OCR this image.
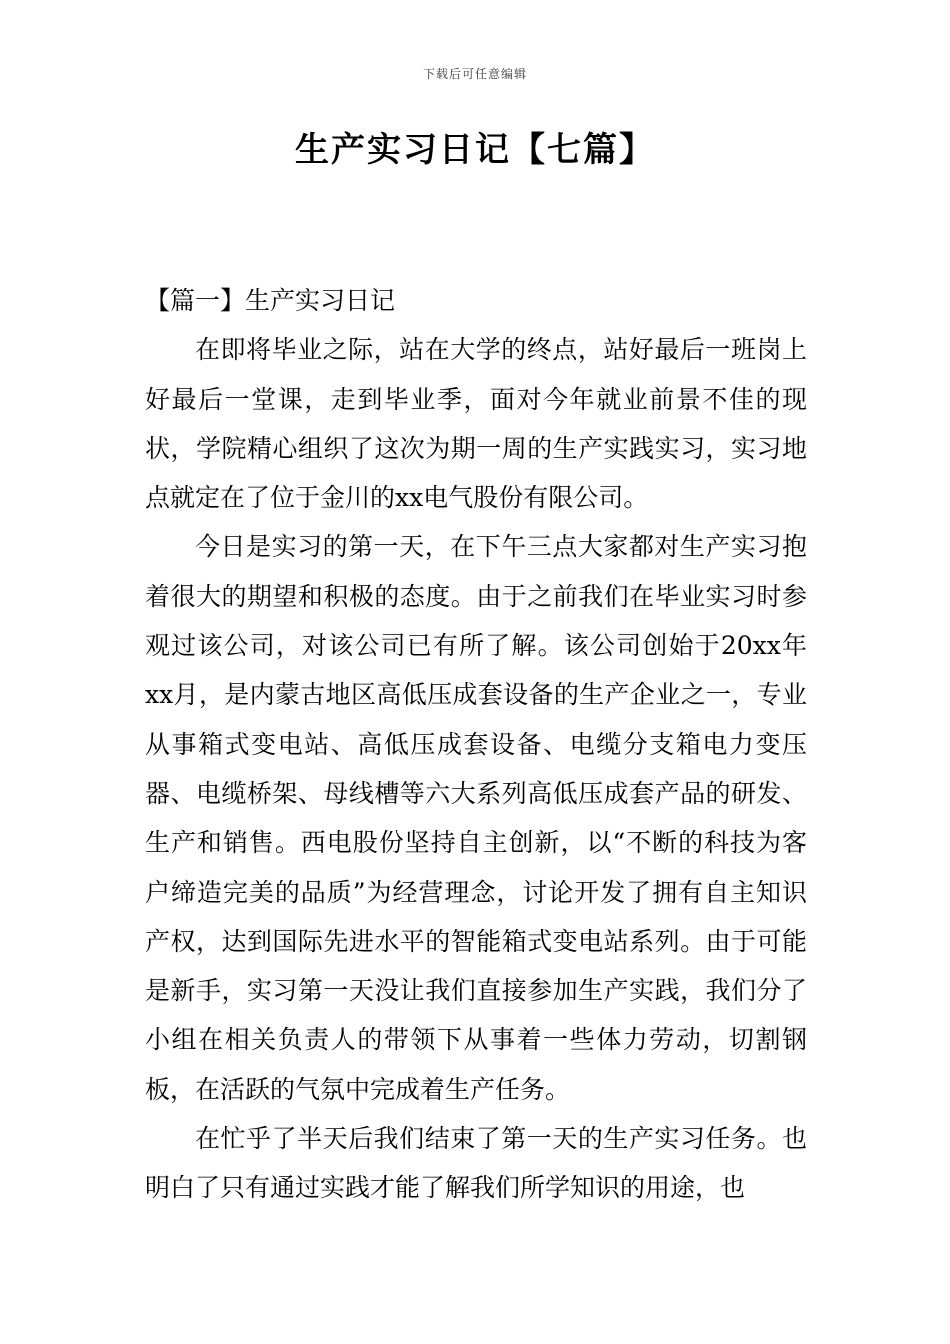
下载后可任意编辑
生产实习日记【七篇】
【篇一】生产实习日记

在即将毕业之际，站在大学的终点，站好最后一班岗上好最后一堂课，走到毕业季，面对今年就业前景不佳的现状，学院精心组织了这次为期一周的生产实践实习，实习地点就定在了位于金川的xx电气股份有限公司。

今日是实习的第一天，在下午三点大家都对生产实习抱着很大的期望和积极的态度。由于之前我们在毕业实习时参观过该公司，对该公司已有所了解。该公司创始于20xx年xx月，是内蒙古地区高低压成套设备的生产企业之一，专业从事箱式变电站、高低压成套设备、电缆分支箱电力变压器、电缆桥架、母线槽等六大系列高低压成套产品的研发、生产和销售。西电股份坚持自主创新，以“不断的科技为客户缔造完美的品质”为经营理念，讨论开发了拥有自主知识产权，达到国际先进水平的智能箱式变电站系列。由于可能是新手，实习第一天没让我们直接参加生产实践，我们分了小组在相关负责人的带领下从事着一些体力劳动，切割钢板，在活跃的气氛中完成着生产任务。

在忙乎了半天后我们结束了第一天的生产实习任务。也明白了只有通过实践才能了解我们所学知识的用途，也
